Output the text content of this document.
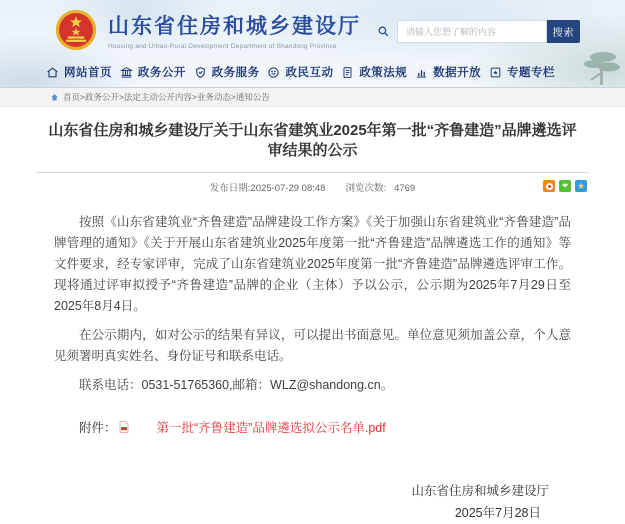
山东省住房和城乡建设厅
Housing and Urban-Rural Development Department of Shandong Province
请输入您想了解的内容
搜索
网站首页 政务公开 政务服务 政民互动 政策法规 数据开放 专题专栏
首页>政务公开>法定主动公开内容>业务动态>通知公告
山东省住房和城乡建设厅关于山东省建筑业2025年第一批“齐鲁建造”品牌遴选评审结果的公示
发布日期:2025-07-29 08:48 浏览次数: 4769	❤	★

按照《山东省建筑业“齐鲁建造”品牌建设工作方案》《关于加强山东省建筑业“齐鲁建造”品牌管理的通知》《关于开展山东省建筑业2025年度第一批“齐鲁建造”品牌遴选工作的通知》等文件要求，经专家评审，完成了山东省建筑业2025年度第一批“齐鲁建造”品牌遴选评审工作。现将通过评审拟授予“齐鲁建造”品牌的企业（主体）予以公示，公示期为2025年7月29日至2025年8月4日。

在公示期内，如对公示的结果有异议，可以提出书面意见。单位意见须加盖公章，个人意见须署明真实姓名、身份证号和联系电话。

联系电话：0531-51765360,邮箱：WLZ@shandong.cn。

附件：	第一批“齐鲁建造”品牌遴选拟公示名单.pdf
山东省住房和城乡建设厅
2025年7月28日
